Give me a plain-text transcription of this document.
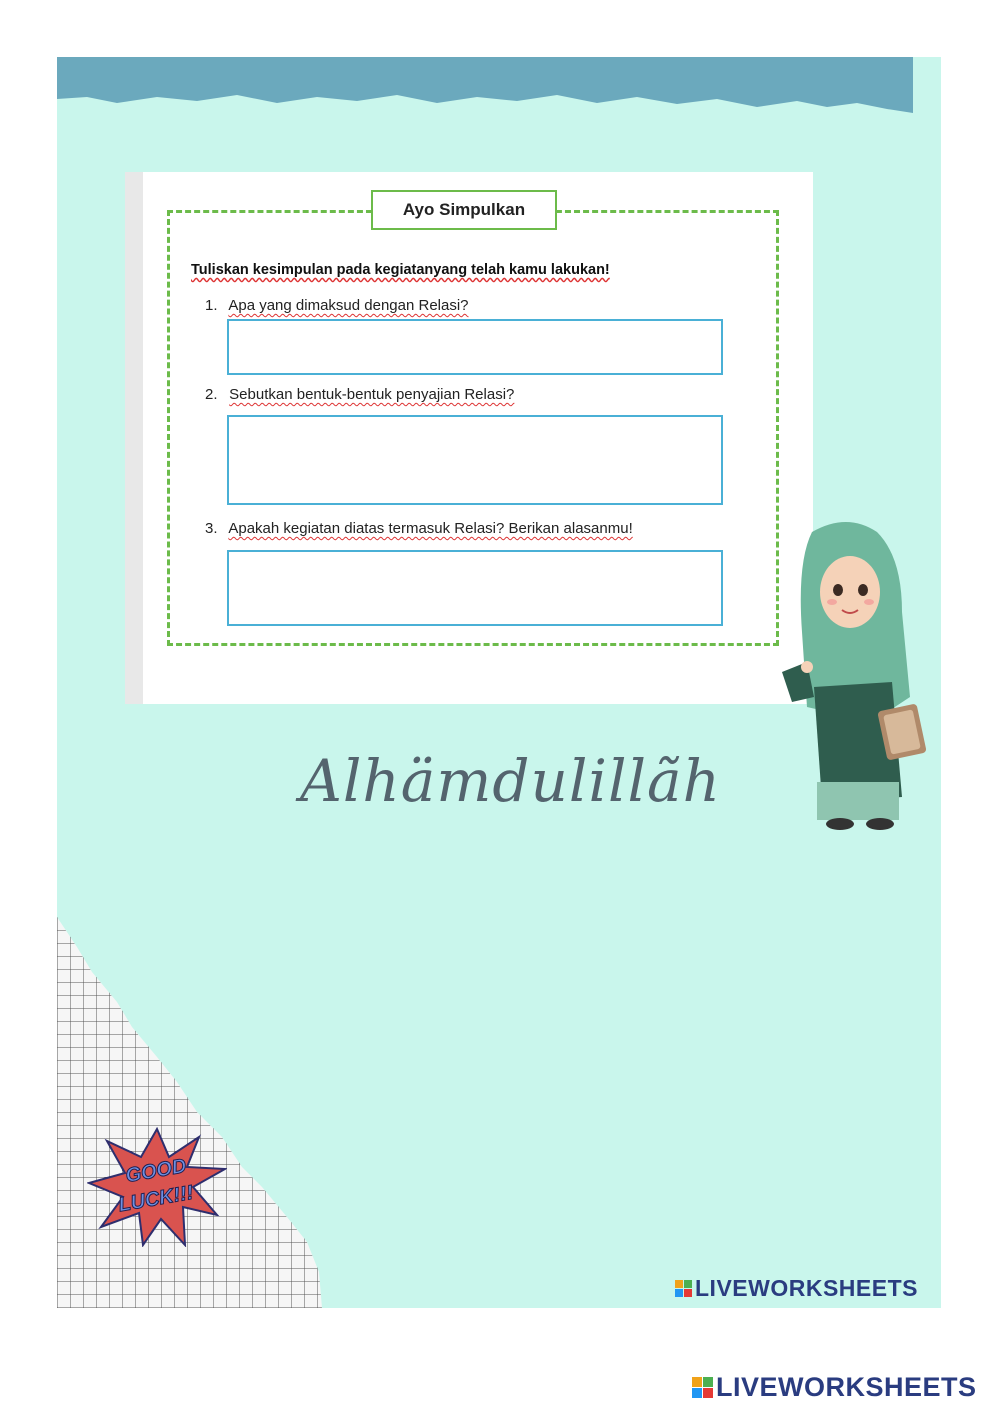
Ayo Simpulkan
Tuliskan kesimpulan pada kegiatanyang telah kamu lakukan!
1. Apa yang dimaksud dengan Relasi?
2. Sebutkan bentuk-bentuk penyajian Relasi?
3. Apakah kegiatan diatas termasuk Relasi? Berikan alasanmu!
Alhämdulillãh
GOOD
LUCK!!!
LIVEWORKSHEETS
LIVEWORKSHEETS
